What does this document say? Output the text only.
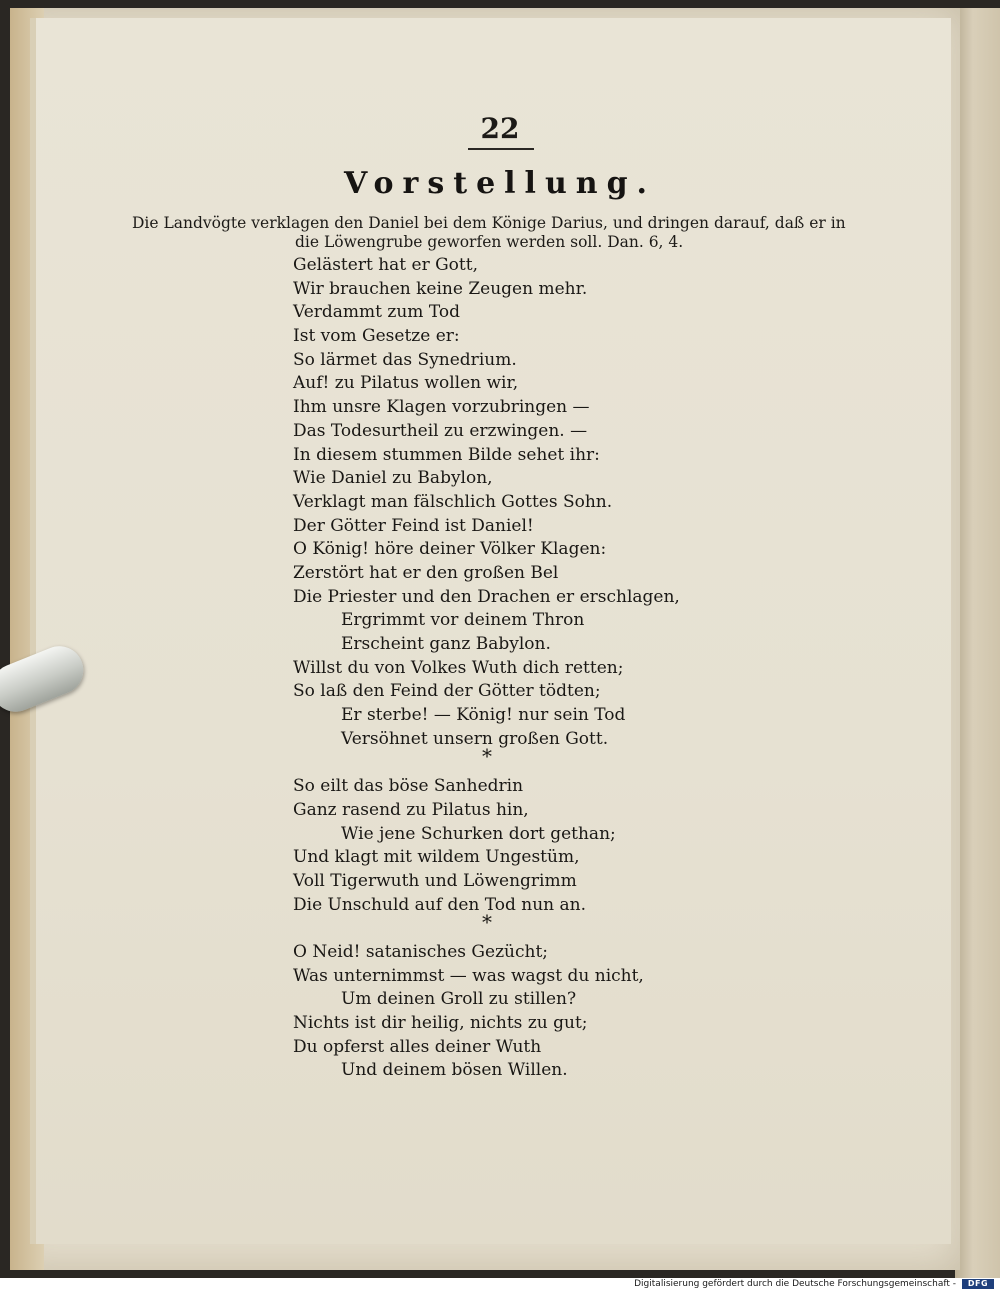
22
Vorstellung.
Die Landvögte verklagen den Daniel bei dem Könige Darius, und dringen darauf, daß er in
die Löwengrube geworfen werden soll. Dan. 6, 4.
Gelästert hat er Gott,
Wir brauchen keine Zeugen mehr.
Verdammt zum Tod
Ist vom Gesetze er:
So lärmet das Synedrium.
Auf! zu Pilatus wollen wir,
Ihm unsre Klagen vorzubringen —
Das Todesurtheil zu erzwingen. —
In diesem stummen Bilde sehet ihr:
Wie Daniel zu Babylon,
Verklagt man fälschlich Gottes Sohn.
Der Götter Feind ist Daniel!
O König! höre deiner Völker Klagen:
Zerstört hat er den großen Bel
Die Priester und den Drachen er erschlagen,
Ergrimmt vor deinem Thron
Erscheint ganz Babylon.
Willst du von Volkes Wuth dich retten;
So laß den Feind der Götter tödten;
Er sterbe! — König! nur sein Tod
Versöhnet unsern großen Gott.
So eilt das böse Sanhedrin
Ganz rasend zu Pilatus hin,
Wie jene Schurken dort gethan;
Und klagt mit wildem Ungestüm,
Voll Tigerwuth und Löwengrimm
Die Unschuld auf den Tod nun an.
O Neid! satanisches Gezücht;
Was unternimmst — was wagst du nicht,
Um deinen Groll zu stillen?
Nichts ist dir heilig, nichts zu gut;
Du opferst alles deiner Wuth
Und deinem bösen Willen.
*
*
Digitalisierung gefördert durch die Deutsche Forschungsgemeinschaft -	DFG
